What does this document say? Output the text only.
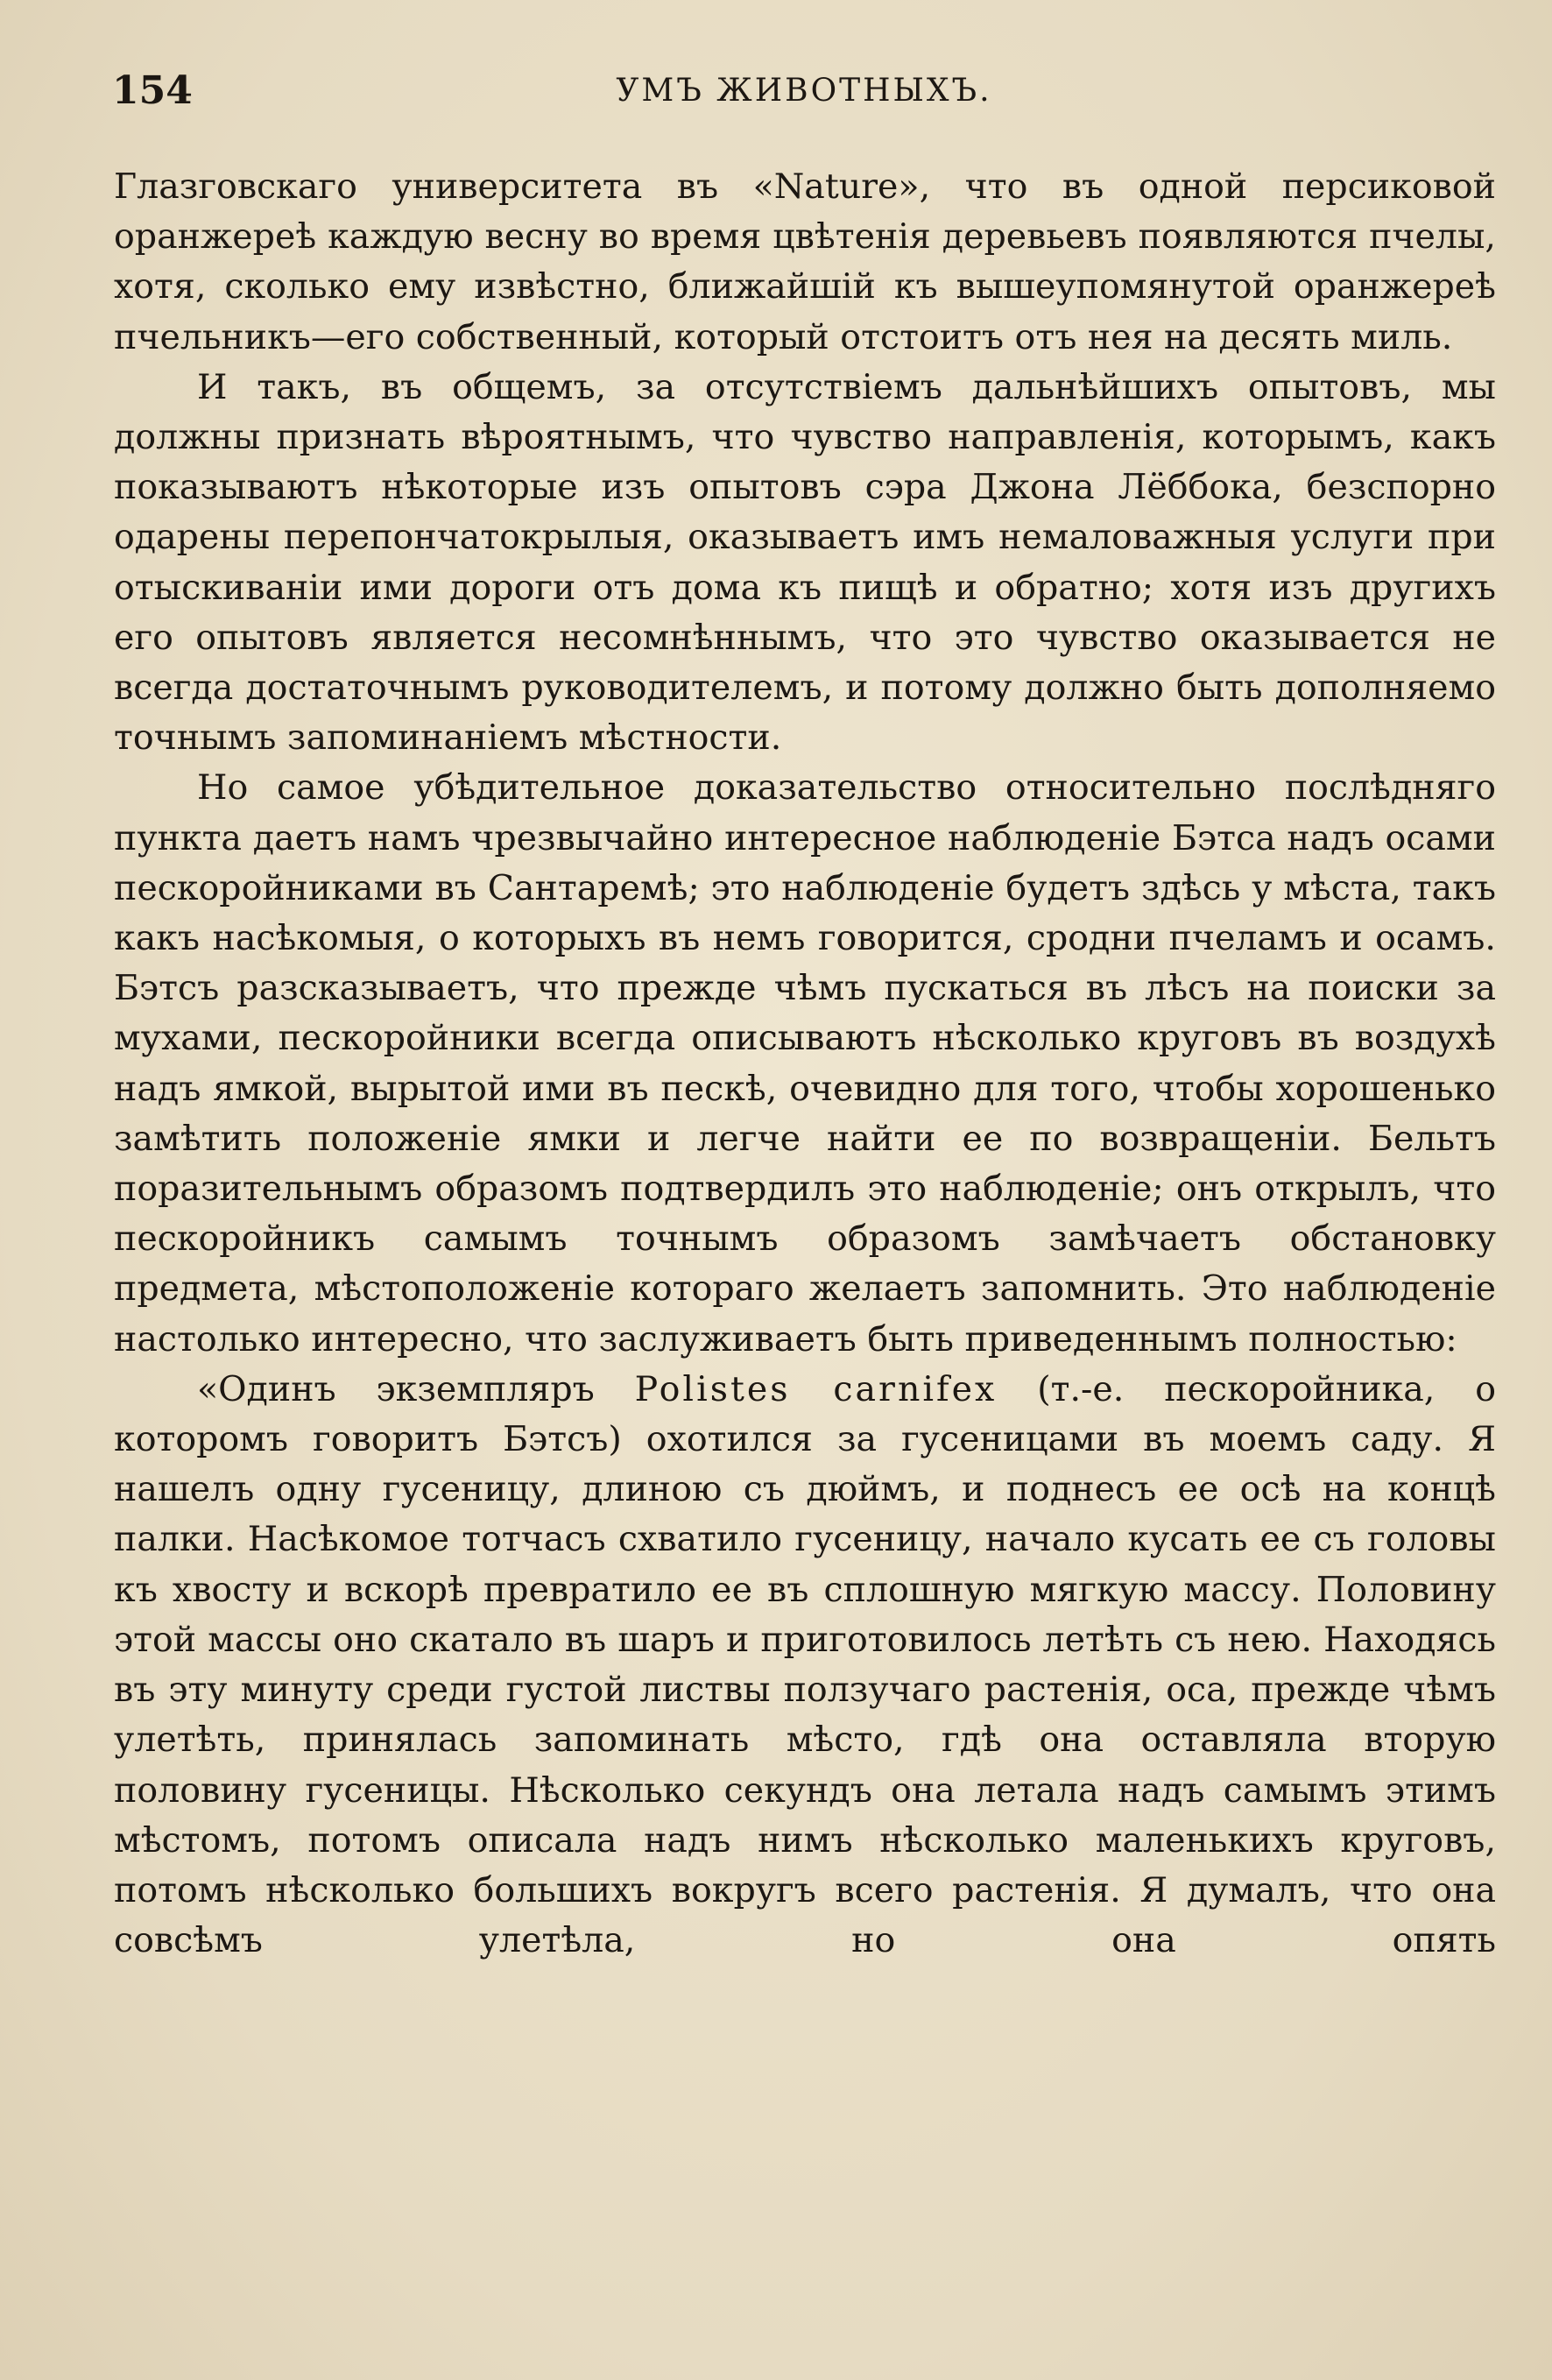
154	УМЪ ЖИВОТНЫХЪ.

Глазговскаго университета въ «Nature», что въ одной персиковой оранжереѣ каждую весну во время цвѣтенія деревьевъ появляются пчелы, хотя, сколько ему извѣстно, ближайшій къ вышеупомянутой оранжереѣ пчельникъ—его собственный, который отстоитъ отъ нея на десять миль.

И такъ, въ общемъ, за отсутствіемъ дальнѣйшихъ опытовъ, мы должны признать вѣроятнымъ, что чувство направленія, которымъ, какъ показываютъ нѣкоторые изъ опытовъ сэра Джона Лёббока, безспорно одарены перепончатокрылыя, оказываетъ имъ немаловажныя услуги при отыскиваніи ими дороги отъ дома къ пищѣ и обратно; хотя изъ другихъ его опытовъ является несомнѣннымъ, что это чувство оказывается не всегда достаточнымъ руководителемъ, и потому должно быть дополняемо точнымъ запоминаніемъ мѣстности.

Но самое убѣдительное доказательство относительно послѣдняго пункта даетъ намъ чрезвычайно интересное наблюденіе Бэтса надъ осами пескоройниками въ Сантаремѣ; это наблюденіе будетъ здѣсь у мѣста, такъ какъ насѣкомыя, о которыхъ въ немъ говорится, сродни пчеламъ и осамъ. Бэтсъ разсказываетъ, что прежде чѣмъ пускаться въ лѣсъ на поиски за мухами, пескоройники всегда описываютъ нѣсколько круговъ въ воздухѣ надъ ямкой, вырытой ими въ пескѣ, очевидно для того, чтобы хорошенько замѣтить положеніе ямки и легче найти ее по возвращеніи. Бельтъ поразительнымъ образомъ подтвердилъ это наблюденіе; онъ открылъ, что пескоройникъ самымъ точнымъ образомъ замѣчаетъ обстановку предмета, мѣстоположеніе котораго желаетъ запомнить. Это наблюденіе настолько интересно, что заслуживаетъ быть приведеннымъ полностью:

«Одинъ экземпляръ Polistes carnifex (т.-е. пескоройника, о которомъ говоритъ Бэтсъ) охотился за гусеницами въ моемъ саду. Я нашелъ одну гусеницу, длиною съ дюймъ, и поднесъ ее осѣ на концѣ палки. Насѣкомое тотчасъ схватило гусеницу, начало кусать ее съ головы къ хвосту и вскорѣ превратило ее въ сплошную мягкую массу. Половину этой массы оно скатало въ шаръ и приготовилось летѣть съ нею. Находясь въ эту минуту среди густой листвы ползучаго растенія, оса, прежде чѣмъ улетѣть, принялась запоминать мѣсто, гдѣ она оставляла вторую половину гусеницы. Нѣсколько секундъ она летала надъ самымъ этимъ мѣстомъ, потомъ описала надъ нимъ нѣсколько маленькихъ круговъ, потомъ нѣсколько большихъ вокругъ всего растенія. Я думалъ, что она совсѣмъ улетѣла, но она опять
